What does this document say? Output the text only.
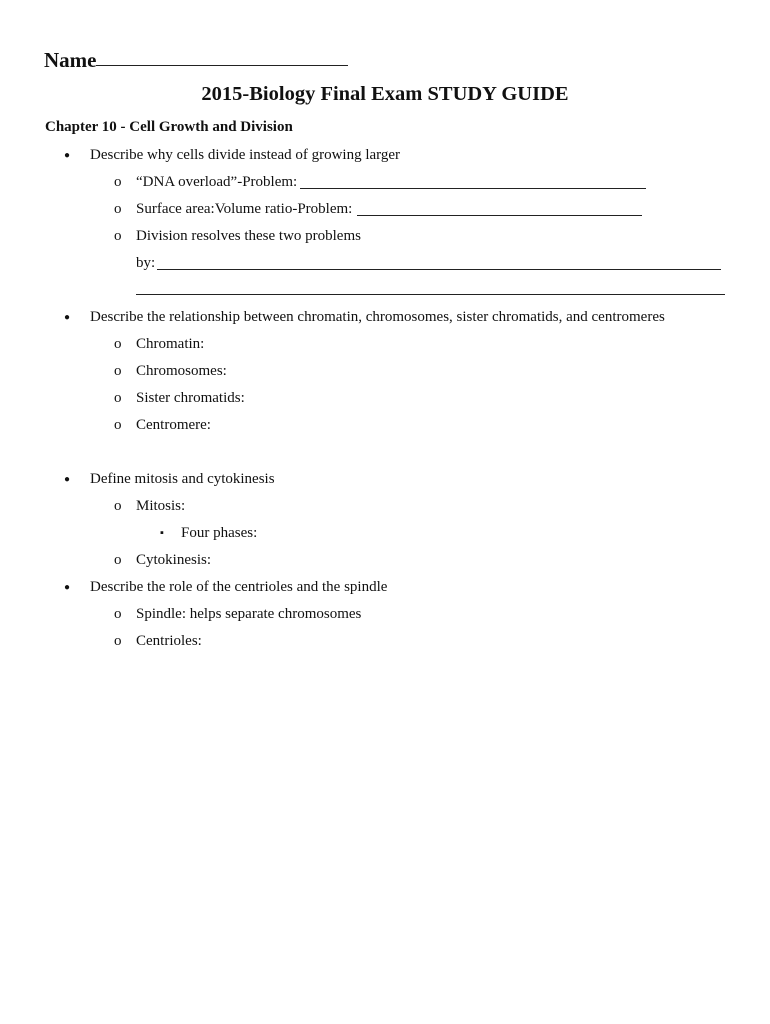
Name
2015-Biology Final Exam STUDY GUIDE
Chapter 10 - Cell Growth and Division
● Describe why cells divide instead of growing larger
o “DNA overload”-Problem:
o Surface area:Volume ratio-Problem:
o Division resolves these two problems
by:
● Describe the relationship between chromatin, chromosomes, sister chromatids, and centromeres
o Chromatin:
o Chromosomes:
o Sister chromatids:
o Centromere:
● Define mitosis and cytokinesis
o Mitosis:
▪ Four phases:
o Cytokinesis:
● Describe the role of the centrioles and the spindle
o Spindle: helps separate chromosomes
o Centrioles:
